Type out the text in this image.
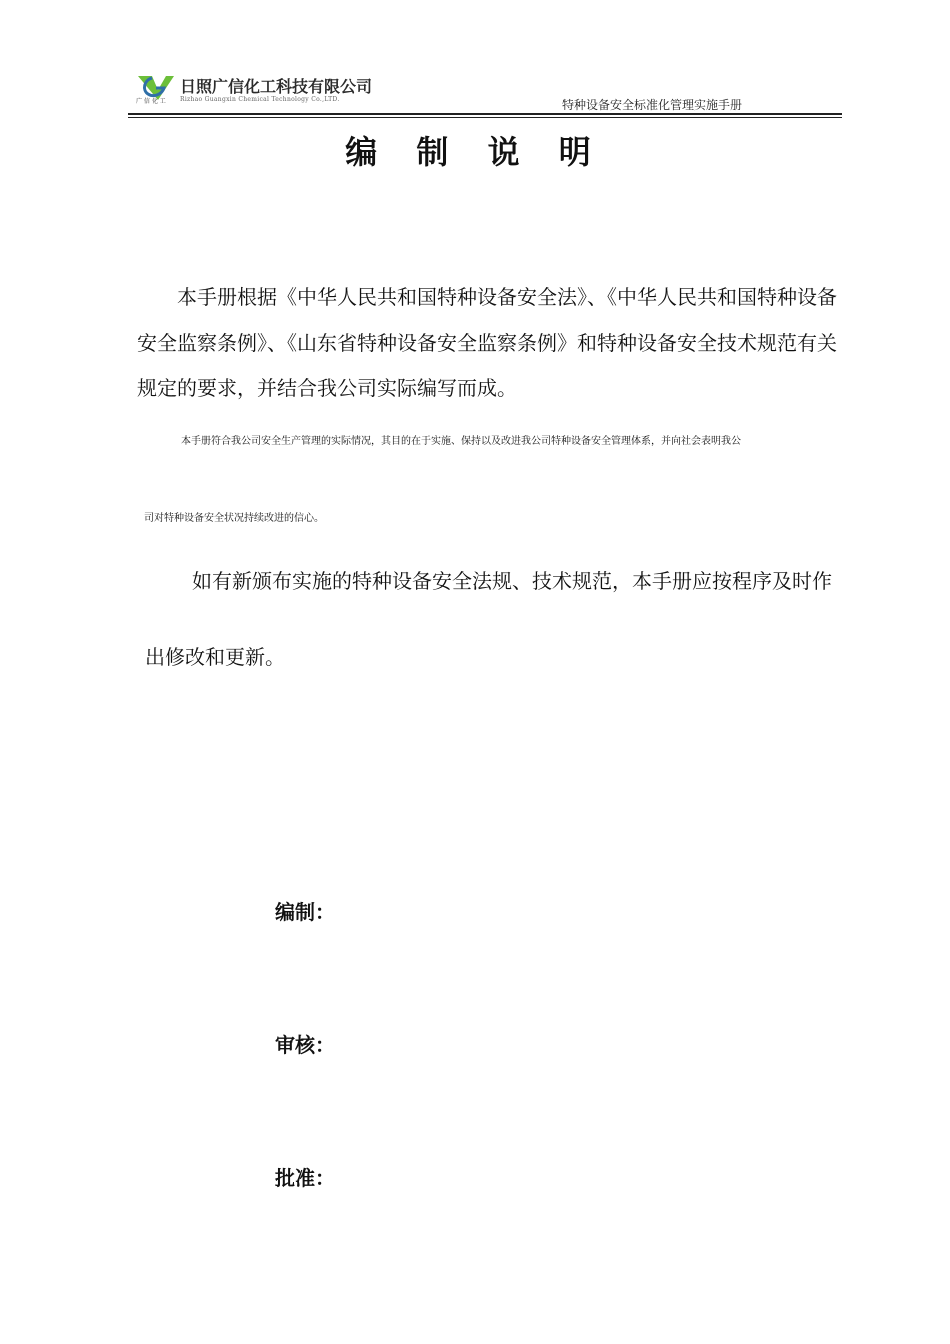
广 信 化 工
日照广信化工科技有限公司
Rizhao Guangxin Chemical Technology Co.,LTD.	特种设备安全标准化管理实施手册
编 制 说 明
本手册根据《中华人民共和国特种设备安全法》、《中华人民共和国特种设备安全监察条例》、《山东省特种设备安全监察条例》和特种设备安全技术规范有关规定的要求，并结合我公司实际编写而成。
本手册符合我公司安全生产管理的实际情况，其目的在于实施、保持以及改进我公司特种设备安全管理体系，并向社会表明我公
司对特种设备安全状况持续改进的信心。
如有新颁布实施的特种设备安全法规、技术规范，本手册应按程序及时作
出修改和更新。
编制：
审核：
批准：
